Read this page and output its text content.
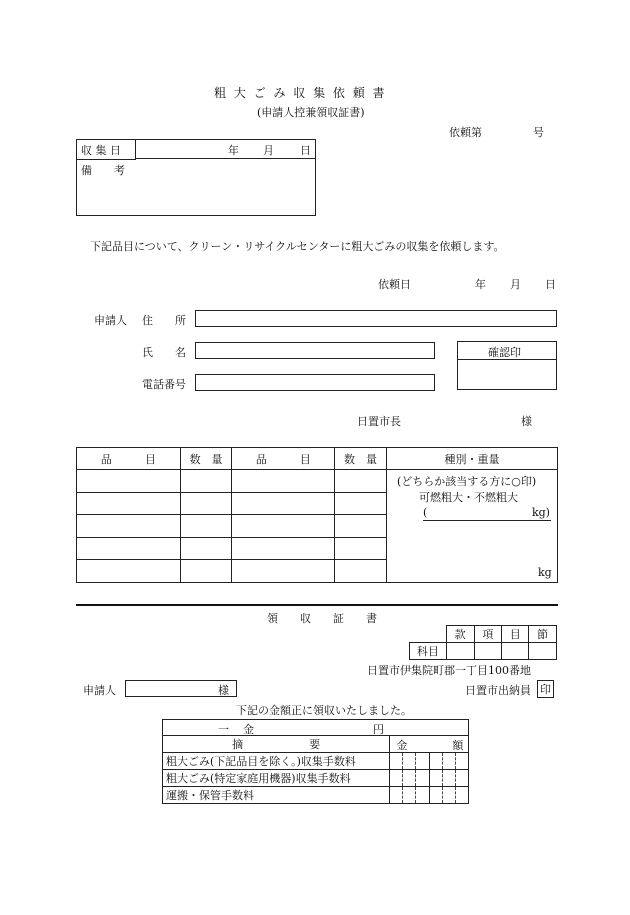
粗 大 ご み 収 集 依 頼 書
(申請人控兼領収証書)
依頼第	号
収 集 日	年 月 日
備　　考
下記品目について、クリーン・リサイクルセンターに粗大ごみの収集を依頼します。
依頼日	年 月 日
申請人 住　　所
氏　　名	確認印
電話番号
日置市長	様
品　　　目	数　量	品　　　目	数　量	種別・重量

				(どちらか該当する方に○印)
可燃粗大・不燃粗大
( kg)
kg

領　　収　　証　　書
	款	項	目	節
科目				
日置市伊集院町郡一丁目100番地
申請人	様	日置市出納員 印
下記の金額正に領収いたしました。
一 金 円						

摘　　　　　　要	金 額					

粗大ごみ(下記品目を除く。)収集手数料						
粗大ごみ(特定家庭用機器)収集手数料						
運搬・保管手数料						
